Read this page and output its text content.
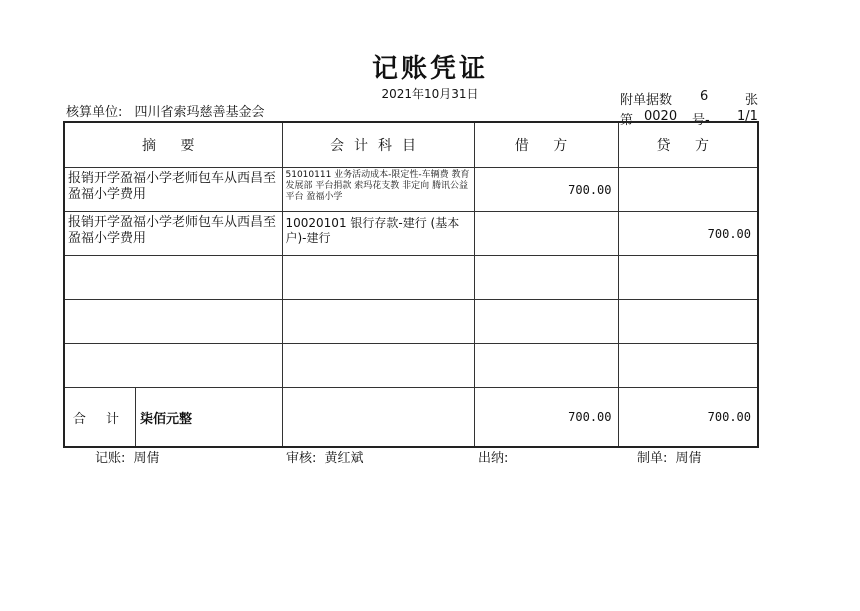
记账凭证
2021年10月31日
核算单位: 四川省索玛慈善基金会
附单据数 6	张
第 0020 号- 1/1
摘 要	会计科目	借 方	贷 方
报销开学盈福小学老师包车从西昌至盈福小学费用	51010111 业务活动成本-限定性-车辆费 教育发展部 平台捐款 索玛花支教 非定向 腾讯公益平台 盈福小学	700.00	
报销开学盈福小学老师包车从西昌至盈福小学费用	10020101 银行存款-建行 (基本户)-建行		700.00

合 计 柒佰元整		700.00	700.00
记账: 周倩	审核: 黄红斌	出纳:	制单: 周倩
